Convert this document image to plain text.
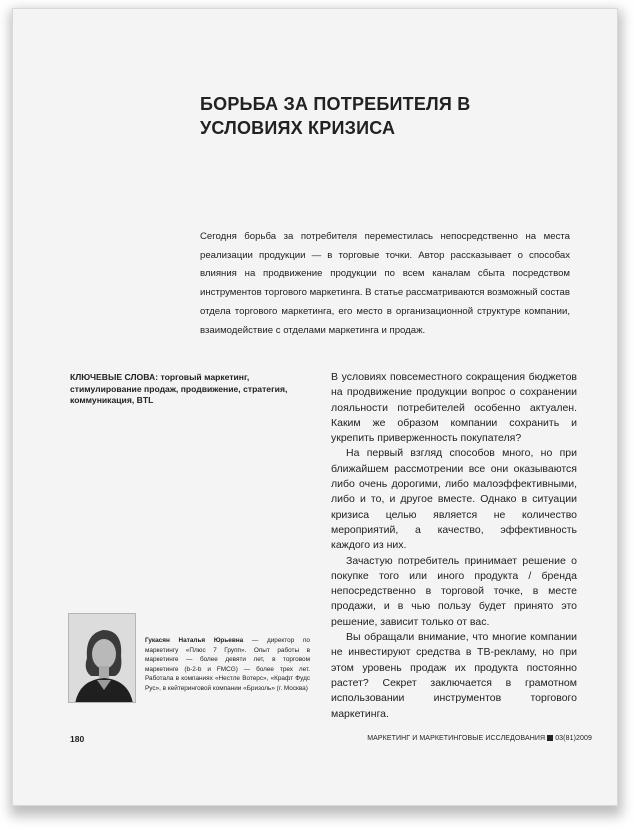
БОРЬБА ЗА ПОТРЕБИТЕЛЯ В УСЛОВИЯХ КРИЗИСА
Сегодня борьба за потребителя переместилась непосредственно на места реализации продукции — в торговые точки. Автор рассказывает о способах влияния на продвижение продукции по всем каналам сбыта посредством инструментов торгового маркетинга. В статье рассматриваются возможный состав отдела торгового маркетинга, его место в организационной структуре компании, взаимодействие с отделами маркетинга и продаж.
КЛЮЧЕВЫЕ СЛОВА: торговый маркетинг, стимулирование продаж, продвижение, стратегия, коммуникация, BTL

В условиях повсеместного сокращения бюджетов на продвижение продукции вопрос о сохранении лояльности потребителей особенно актуален. Каким же образом компании сохранить и укрепить приверженность покупателя?

На первый взгляд способов много, но при ближайшем рассмотрении все они оказываются либо очень дорогими, либо малоэффективными, либо и то, и другое вместе. Однако в ситуации кризиса целью является не количество мероприятий, а качество, эффективность каждого из них.

Зачастую потребитель принимает решение о покупке того или иного продукта / бренда непосредственно в торговой точке, в месте продажи, и в чью пользу будет принято это решение, зависит только от вас.

Вы обращали внимание, что многие компании не инвестируют средства в ТВ-рекламу, но при этом уровень продаж их продукта постоянно растет? Секрет заключается в грамотном использовании инструментов торгового маркетинга.

Гукасян Наталья Юрьевна — директор по маркетингу «Плюс 7 Групп». Опыт работы в маркетинге — более девяти лет, в торговом маркетинге (b-2-b и FMCG) — более трех лет. Работала в компаниях «Нестле Вотерс», «Крафт Фудс Рус», в кейтеринговой компании «Бризоль» (г. Москва)
180	МАРКЕТИНГ И МАРКЕТИНГОВЫЕ ИССЛЕДОВАНИЯ 03(81)2009
